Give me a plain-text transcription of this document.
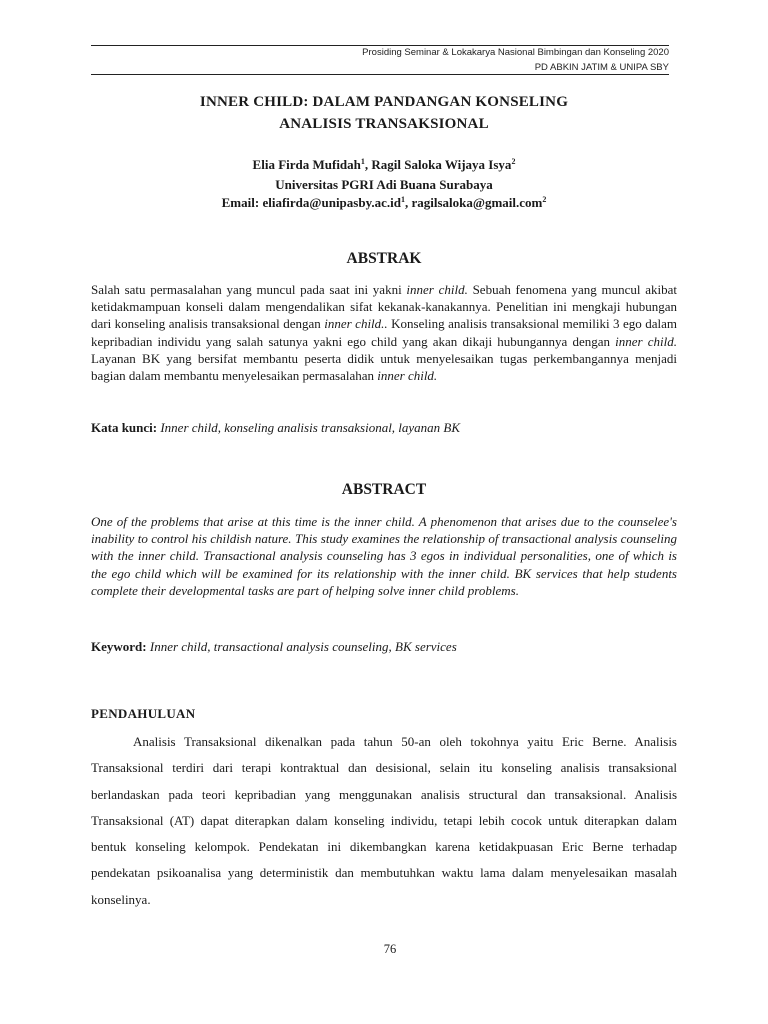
Prosiding Seminar & Lokakarya Nasional Bimbingan dan Konseling 2020
PD ABKIN JATIM & UNIPA SBY
INNER CHILD: DALAM PANDANGAN KONSELING
ANALISIS TRANSAKSIONAL
Elia Firda Mufidah$^1$, Ragil Saloka Wijaya Isya$^2$
Universitas PGRI Adi Buana Surabaya
Email: $eliafirda@unipasby.ac.id^1$, ragilsaloka@gmail.com$^2$
ABSTRAK
Salah satu permasalahan yang muncul pada saat ini yakni inner child. Sebuah fenomena yang muncul akibat ketidakmampuan konseli dalam mengendalikan sifat kekanak-kanakannya. Penelitian ini mengkaji hubungan dari konseling analisis transaksional dengan inner child.. Konseling analisis transaksional memiliki 3 ego dalam kepribadian individu yang salah satunya yakni ego child yang akan dikaji hubungannya dengan inner child. Layanan BK yang bersifat membantu peserta didik untuk menyelesaikan tugas perkembangannya menjadi bagian dalam membantu menyelesaikan permasalahan inner child.
Kata kunci: Inner child, konseling analisis transaksional, layanan BK
ABSTRACT
One of the problems that arise at this time is the inner child. A phenomenon that arises due to the counselee's inability to control his childish nature. This study examines the relationship of transactional analysis counseling with the inner child. Transactional analysis counseling has 3 egos in individual personalities, one of which is the ego child which will be examined for its relationship with the inner child. BK services that help students complete their developmental tasks are part of helping solve inner child problems.
Keyword: Inner child, transactional analysis counseling, BK services
PENDAHULUAN
Analisis Transaksional dikenalkan pada tahun 50-an oleh tokohnya yaitu Eric Berne. Analisis Transaksional terdiri dari terapi kontraktual dan desisional, selain itu konseling analisis transaksional berlandaskan pada teori kepribadian yang menggunakan analisis structural dan transaksional. Analisis Transaksional (AT) dapat diterapkan dalam konseling individu, tetapi lebih cocok untuk diterapkan dalam bentuk konseling kelompok. Pendekatan ini dikembangkan karena ketidakpuasan Eric Berne terhadap pendekatan psikoanalisa yang deterministik dan membutuhkan waktu lama dalam menyelesaikan masalah konselinya.
76
